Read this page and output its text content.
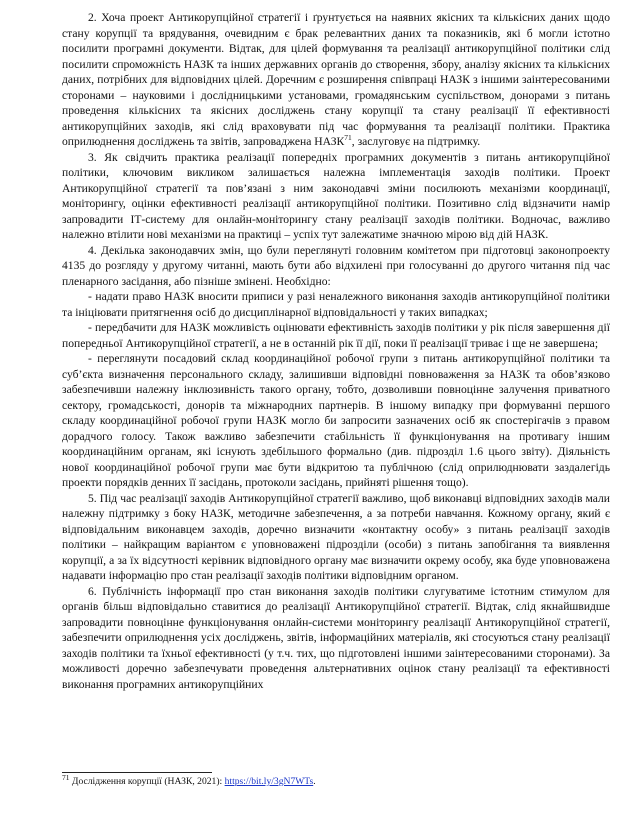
2. Хоча проект Антикорупційної стратегії і ґрунтується на наявних якісних та кількісних даних щодо стану корупції та врядування, очевидним є брак релевантних даних та показників, які б могли істотно посилити програмні документи. Відтак, для цілей формування та реалізації антикорупційної політики слід посилити спроможність НАЗК та інших державних органів до створення, збору, аналізу якісних та кількісних даних, потрібних для відповідних цілей. Доречним є розширення співпраці НАЗК з іншими заінтересованими сторонами – науковими і дослідницькими установами, громадянським суспільством, донорами з питань проведення кількісних та якісних досліджень стану корупції та стану реалізації її ефективності антикорупційних заходів, які слід враховувати під час формування та реалізації політики. Практика оприлюднення досліджень та звітів, запроваджена НАЗК$^{71}$, заслуговує на підтримку.

3. Як свідчить практика реалізації попередніх програмних документів з питань антикорупційної політики, ключовим викликом залишається належна імплементація заходів політики. Проект Антикорупційної стратегії та пов’язані з ним законодавчі зміни посилюють механізми координації, моніторингу, оцінки ефективності реалізації антикорупційної політики. Позитивно слід відзначити намір запровадити ІТ-систему для онлайн-моніторингу стану реалізації заходів політики. Водночас, важливо належно втілити нові механізми на практиці – успіх тут залежатиме значною мірою від дій НАЗК.

4. Декілька законодавчих змін, що були переглянуті головним комітетом при підготовці законопроекту 4135 до розгляду у другому читанні, мають бути або відхилені при голосуванні до другого читання під час пленарного засідання, або пізніше змінені. Необхідно:

- надати право НАЗК вносити приписи у разі неналежного виконання заходів антикорупційної політики та ініціювати притягнення осіб до дисциплінарної відповідальності у таких випадках;

- передбачити для НАЗК можливість оцінювати ефективність заходів політики у рік після завершення дії попередньої Антикорупційної стратегії, а не в останній рік її дії, поки її реалізації триває і ще не завершена;

- переглянути посадовий склад координаційної робочої групи з питань антикорупційної політики та суб’єкта визначення персонального складу, залишивши відповідні повноваження за НАЗК та обов’язково забезпечивши належну інклюзивність такого органу, тобто, дозволивши повноцінне залучення приватного сектору, громадськості, донорів та міжнародних партнерів. В іншому випадку при формуванні першого складу координаційної робочої групи НАЗК могло би запросити зазначених осіб як спостерігачів з правом дорадчого голосу. Також важливо забезпечити стабільність її функціонування на противагу іншим координаційним органам, які існують здебільшого формально (див. підрозділ 1.6 цього звіту). Діяльність нової координаційної робочої групи має бути відкритою та публічною (слід оприлюднювати заздалегідь проекти порядків денних її засідань, протоколи засідань, прийняті рішення тощо).

5. Під час реалізації заходів Антикорупційної стратегії важливо, щоб виконавці відповідних заходів мали належну підтримку з боку НАЗК, методичне забезпечення, а за потреби навчання. Кожному органу, який є відповідальним виконавцем заходів, доречно визначити «контактну особу» з питань реалізації заходів політики – найкращим варіантом є уповноважені підрозділи (особи) з питань запобігання та виявлення корупції, а за їх відсутності керівник відповідного органу має визначити окрему особу, яка буде уповноважена надавати інформацію про стан реалізації заходів політики відповідним органом.

6. Публічність інформації про стан виконання заходів політики слугуватиме істотним стимулом для органів більш відповідально ставитися до реалізації Антикорупційної стратегії. Відтак, слід якнайшвидше запровадити повноцінне функціонування онлайн-системи моніторингу реалізації Антикорупційної стратегії, забезпечити оприлюднення усіх досліджень, звітів, інформаційних матеріалів, які стосуються стану реалізації заходів політики та їхньої ефективності (у т.ч. тих, що підготовлені іншими заінтересованими сторонами). За можливості доречно забезпечувати проведення альтернативних оцінок стану реалізації та ефективності виконання програмних антикорупційних

$^{71}$ Дослідження корупції (НАЗК, 2021): https://bit.ly/3gN7WTs.
